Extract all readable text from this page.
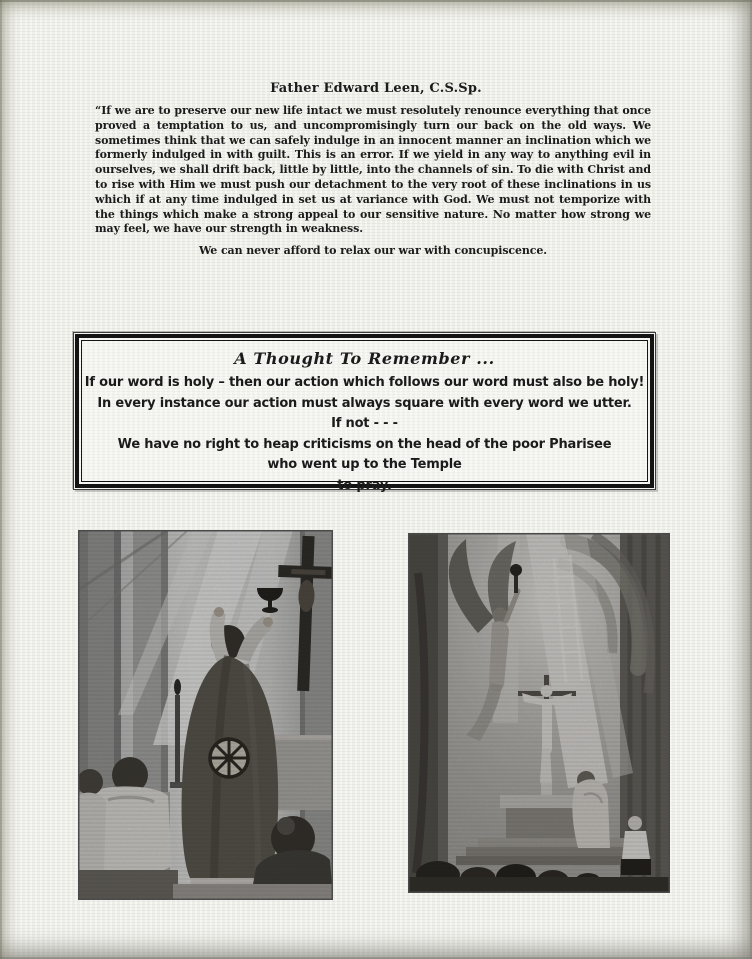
Father Edward Leen, C.S.Sp.
“If we are to preserve our new life intact we must resolutely renounce everything that once proved a temptation to us, and uncompromisingly turn our back on the old ways. We sometimes think that we can safely indulge in an innocent manner an inclination which we formerly indulged in with guilt. This is an error. If we yield in any way to anything evil in ourselves, we shall drift back, little by little, into the channels of sin. To die with Christ and to rise with Him we must push our detachment to the very root of these inclinations in us which if at any time indulged in set us at variance with God. We must not temporize with the things which make a strong appeal to our sensitive nature. No matter how strong we may feel, we have our strength in weakness.
We can never afford to relax our war with concupiscence.
A Thought To Remember ...
If our word is holy – then our action which follows our word must also be holy!
In every instance our action must always square with every word we utter.
If not - - -
We have no right to heap criticisms on the head of the poor Pharisee
who went up to the Temple
to pray.
